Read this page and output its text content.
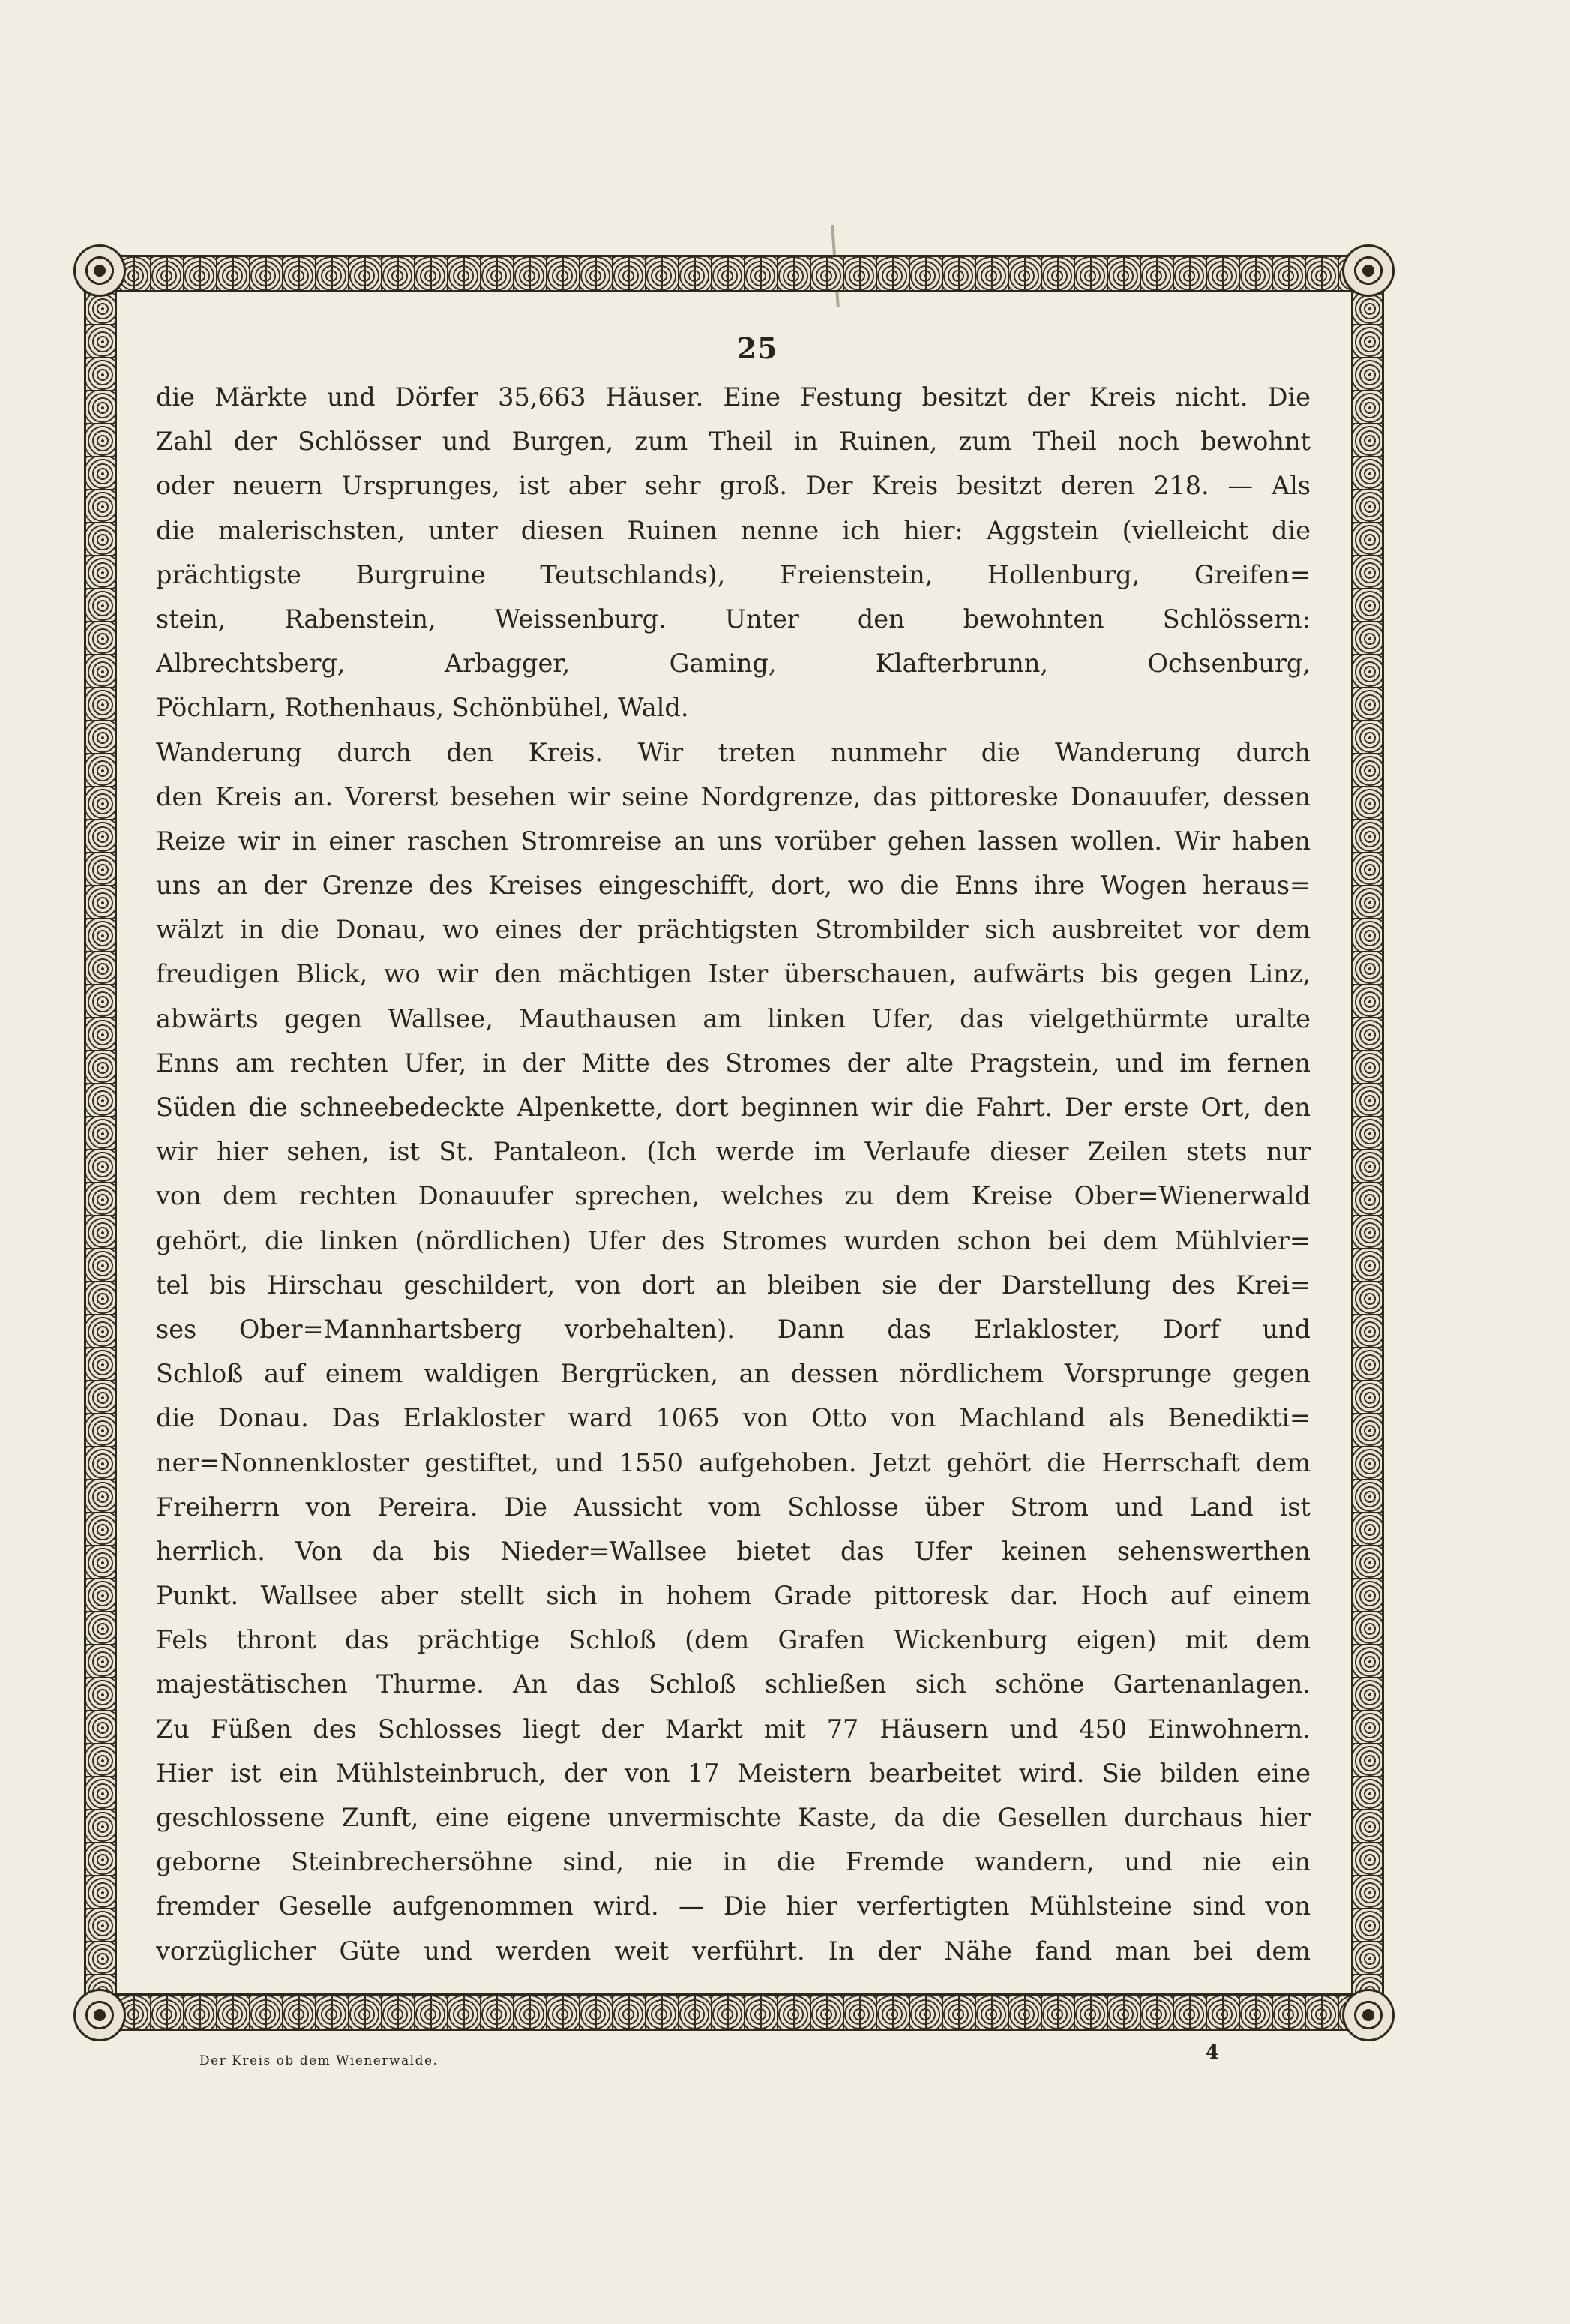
25
die Märkte und Dörfer 35,663 Häuser. Eine Festung besitzt der Kreis nicht. Die
Zahl der Schlösser und Burgen, zum Theil in Ruinen, zum Theil noch bewohnt
oder neuern Ursprunges, ist aber sehr groß. Der Kreis besitzt deren 218. — Als
die malerischsten, unter diesen Ruinen nenne ich hier: Aggstein (vielleicht die
prächtigste Burgruine Teutschlands), Freienstein, Hollenburg, Greifen=
stein, Rabenstein, Weissenburg. Unter den bewohnten Schlössern:
Albrechtsberg, Arbagger, Gaming, Klafterbrunn, Ochsenburg,
Pöchlarn, Rothenhaus, Schönbühel, Wald.
Wanderung durch den Kreis. Wir treten nunmehr die Wanderung durch
den Kreis an. Vorerst besehen wir seine Nordgrenze, das pittoreske Donauufer, dessen
Reize wir in einer raschen Stromreise an uns vorüber gehen lassen wollen. Wir haben
uns an der Grenze des Kreises eingeschifft, dort, wo die Enns ihre Wogen heraus=
wälzt in die Donau, wo eines der prächtigsten Strombilder sich ausbreitet vor dem
freudigen Blick, wo wir den mächtigen Ister überschauen, aufwärts bis gegen Linz,
abwärts gegen Wallsee, Mauthausen am linken Ufer, das vielgethürmte uralte
Enns am rechten Ufer, in der Mitte des Stromes der alte Pragstein, und im fernen
Süden die schneebedeckte Alpenkette, dort beginnen wir die Fahrt. Der erste Ort, den
wir hier sehen, ist St. Pantaleon. (Ich werde im Verlaufe dieser Zeilen stets nur
von dem rechten Donauufer sprechen, welches zu dem Kreise Ober=Wienerwald
gehört, die linken (nördlichen) Ufer des Stromes wurden schon bei dem Mühlvier=
tel bis Hirschau geschildert, von dort an bleiben sie der Darstellung des Krei=
ses Ober=Mannhartsberg vorbehalten). Dann das Erlakloster, Dorf und
Schloß auf einem waldigen Bergrücken, an dessen nördlichem Vorsprunge gegen
die Donau. Das Erlakloster ward 1065 von Otto von Machland als Benedikti=
ner=Nonnenkloster gestiftet, und 1550 aufgehoben. Jetzt gehört die Herrschaft dem
Freiherrn von Pereira. Die Aussicht vom Schlosse über Strom und Land ist
herrlich. Von da bis Nieder=Wallsee bietet das Ufer keinen sehenswerthen
Punkt. Wallsee aber stellt sich in hohem Grade pittoresk dar. Hoch auf einem
Fels thront das prächtige Schloß (dem Grafen Wickenburg eigen) mit dem
majestätischen Thurme. An das Schloß schließen sich schöne Gartenanlagen.
Zu Füßen des Schlosses liegt der Markt mit 77 Häusern und 450 Einwohnern.
Hier ist ein Mühlsteinbruch, der von 17 Meistern bearbeitet wird. Sie bilden eine
geschlossene Zunft, eine eigene unvermischte Kaste, da die Gesellen durchaus hier
geborne Steinbrechersöhne sind, nie in die Fremde wandern, und nie ein
fremder Geselle aufgenommen wird. — Die hier verfertigten Mühlsteine sind von
vorzüglicher Güte und werden weit verführt. In der Nähe fand man bei dem
Der Kreis ob dem Wienerwalde.	4
